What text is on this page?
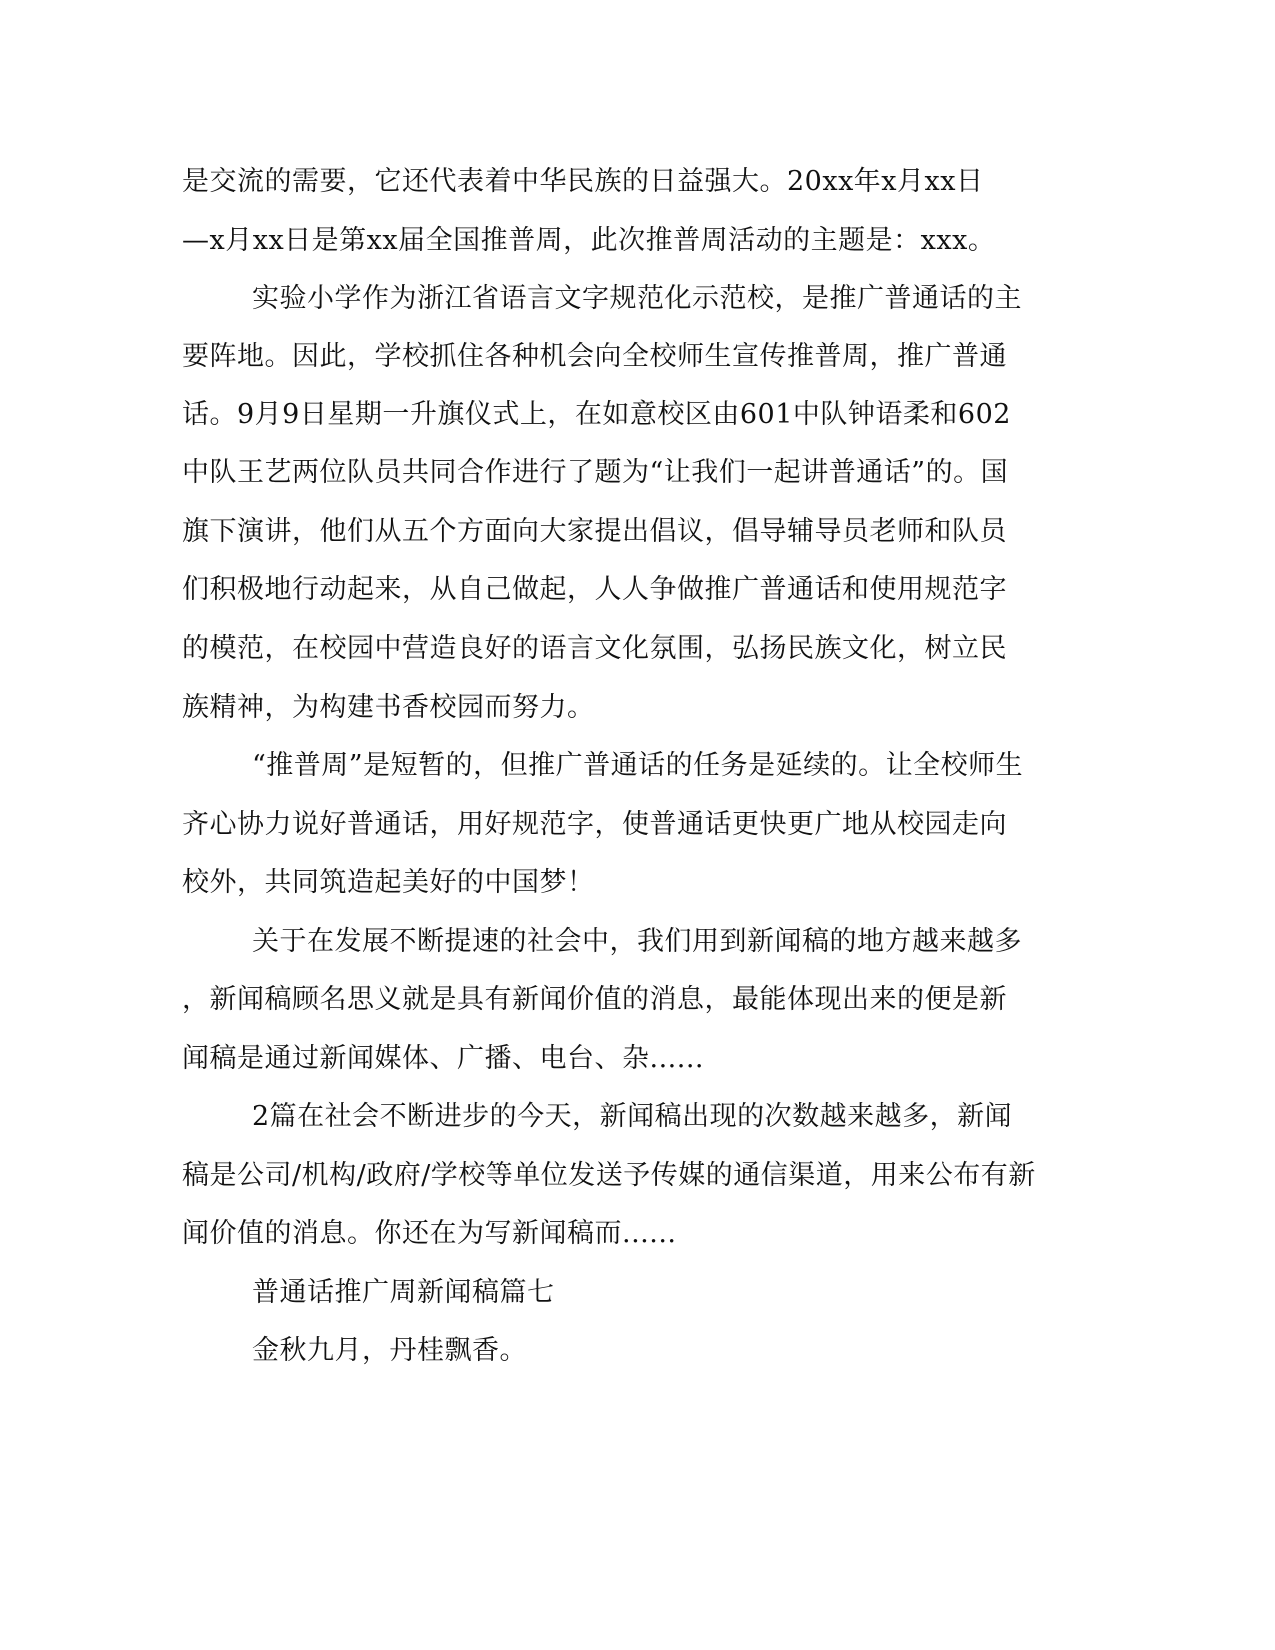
是交流的需要，它还代表着中华民族的日益强大。20xx年x月xx日
—x月xx日是第xx届全国推普周，此次推普周活动的主题是：xxx。
实验小学作为浙江省语言文字规范化示范校，是推广普通话的主
要阵地。因此，学校抓住各种机会向全校师生宣传推普周，推广普通
话。9月9日星期一升旗仪式上，在如意校区由601中队钟语柔和602
中队王艺两位队员共同合作进行了题为“让我们一起讲普通话”的。国
旗下演讲，他们从五个方面向大家提出倡议，倡导辅导员老师和队员
们积极地行动起来，从自己做起，人人争做推广普通话和使用规范字
的模范，在校园中营造良好的语言文化氛围，弘扬民族文化，树立民
族精神，为构建书香校园而努力。
“推普周”是短暂的，但推广普通话的任务是延续的。让全校师生
齐心协力说好普通话，用好规范字，使普通话更快更广地从校园走向
校外，共同筑造起美好的中国梦！
关于在发展不断提速的社会中，我们用到新闻稿的地方越来越多
，新闻稿顾名思义就是具有新闻价值的消息，最能体现出来的便是新
闻稿是通过新闻媒体、广播、电台、杂......
2篇在社会不断进步的今天，新闻稿出现的次数越来越多，新闻
稿是公司/机构/政府/学校等单位发送予传媒的通信渠道，用来公布有新
闻价值的消息。你还在为写新闻稿而......
普通话推广周新闻稿篇七
金秋九月，丹桂飘香。
